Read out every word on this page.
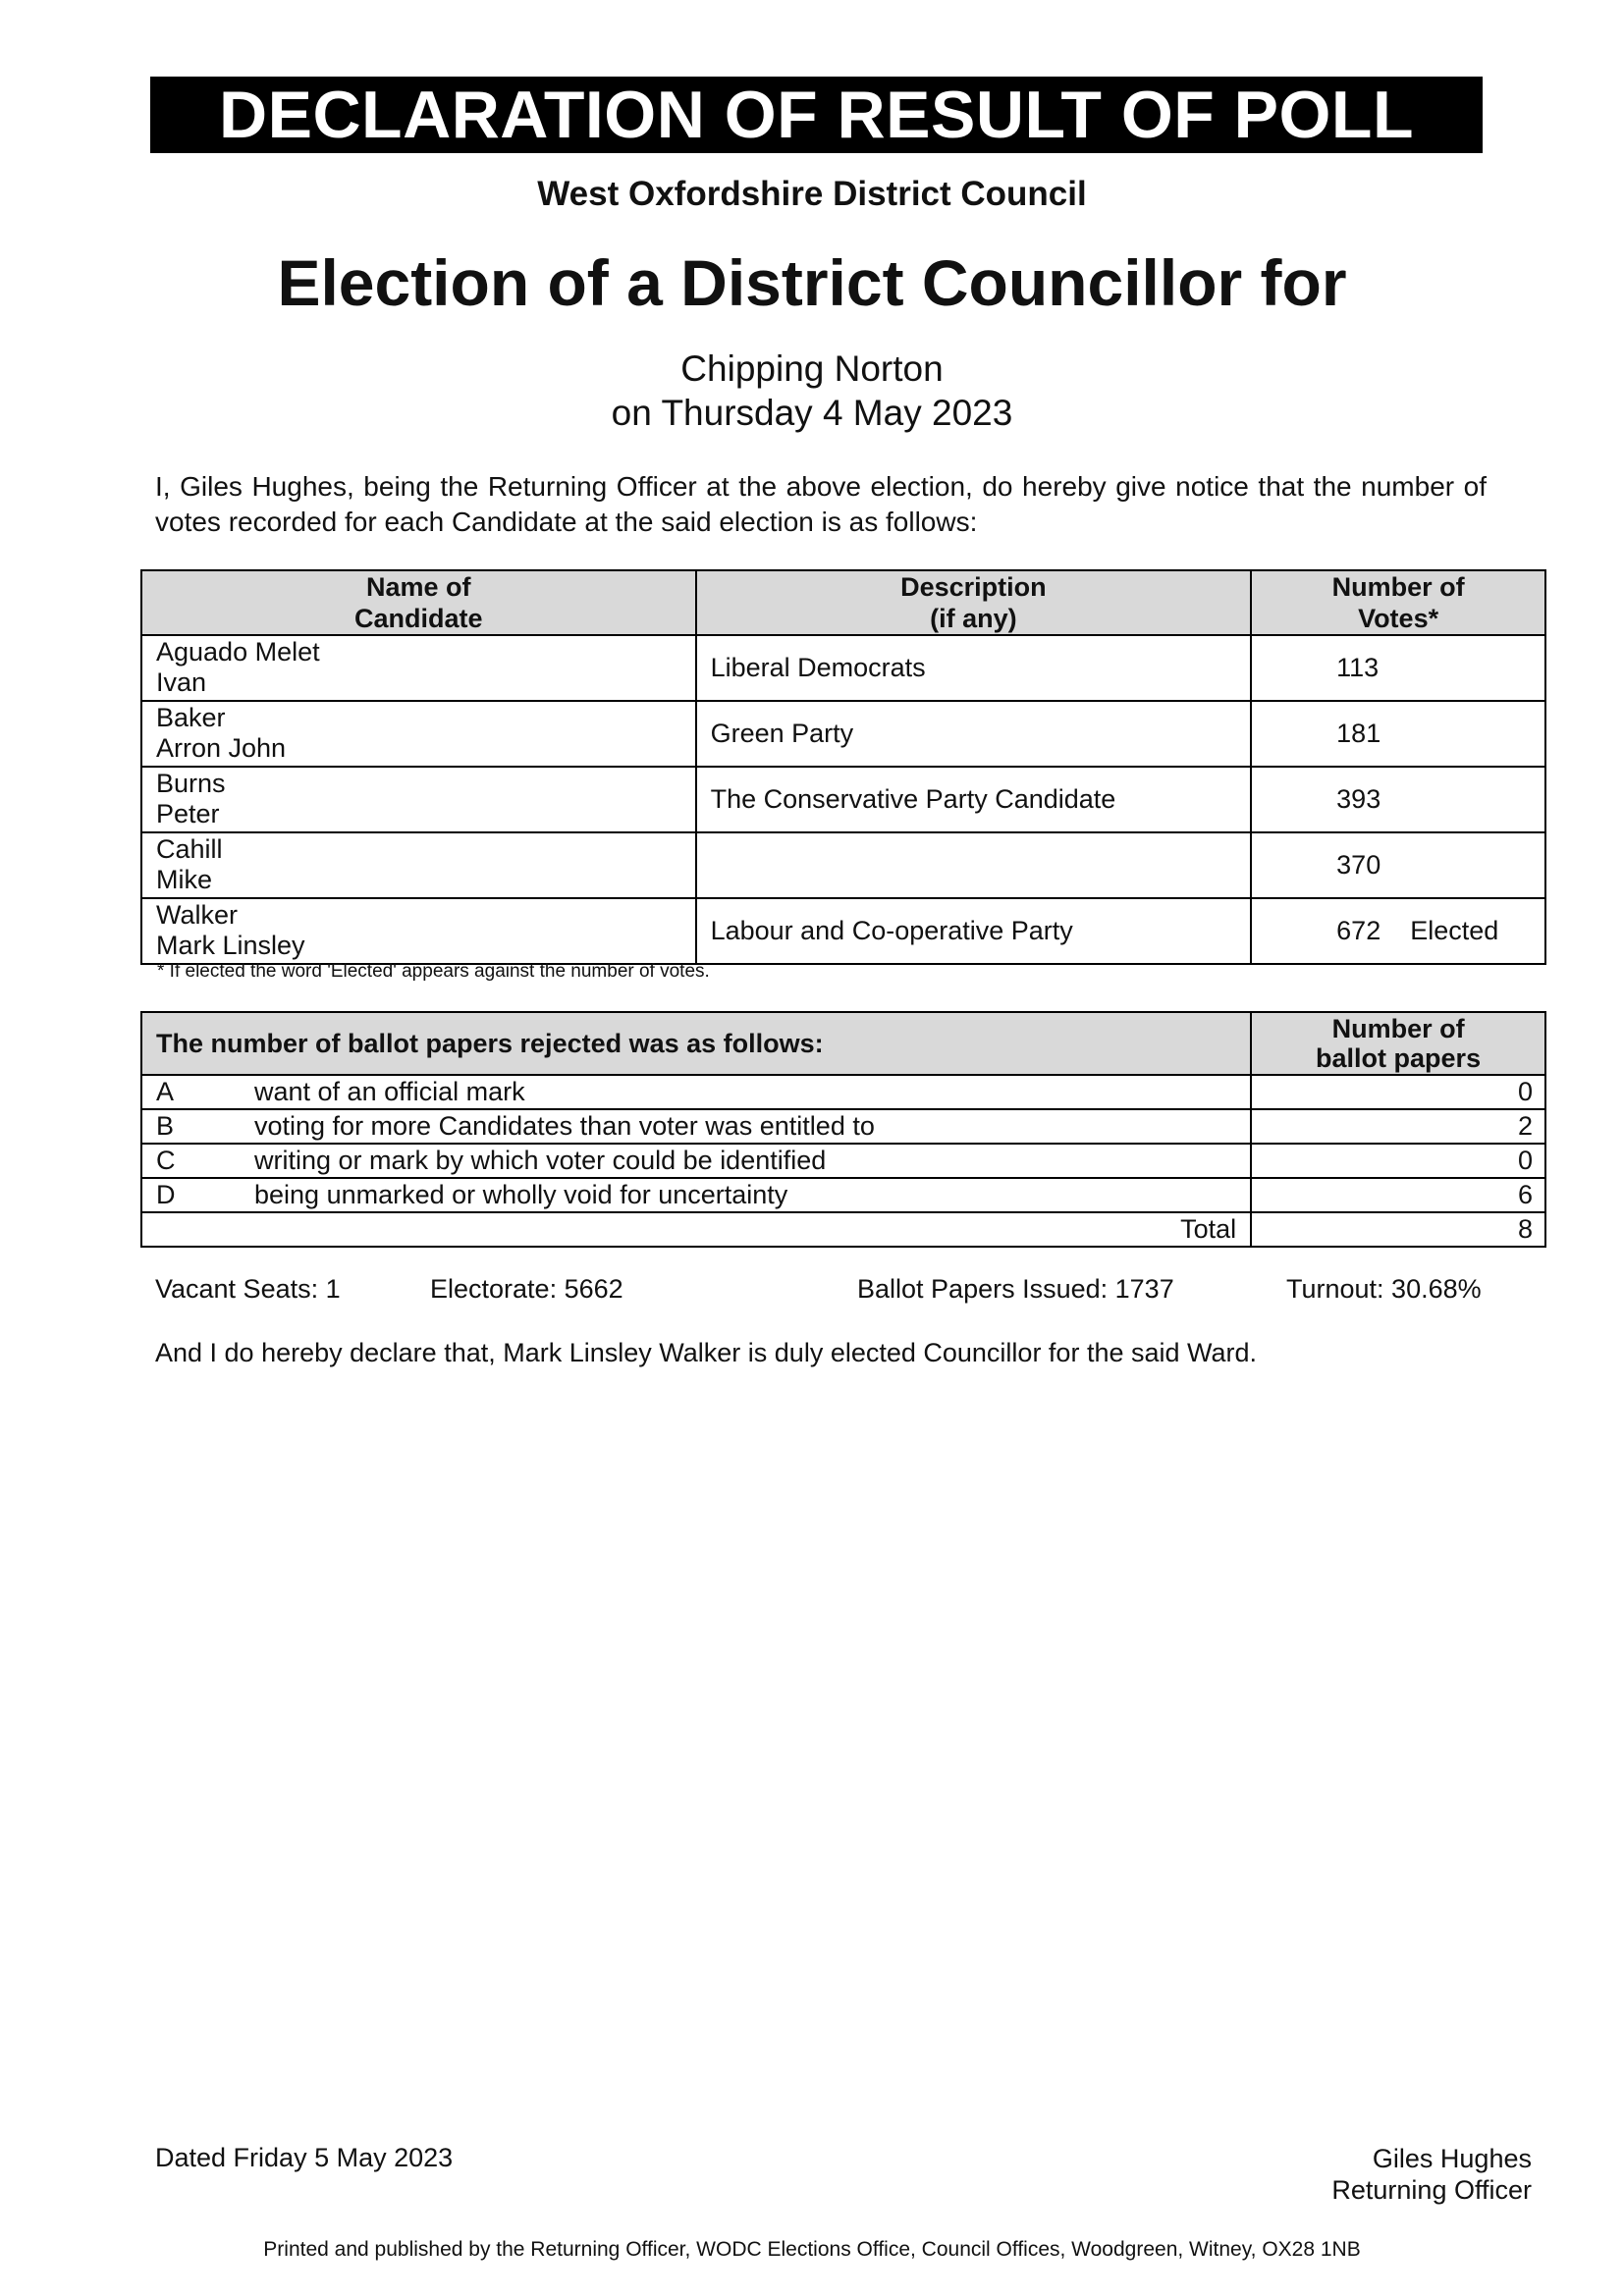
DECLARATION OF RESULT OF POLL
West Oxfordshire District Council
Election of a District Councillor for
Chipping Norton
on Thursday 4 May 2023
I, Giles Hughes, being the Returning Officer at the above election, do hereby give notice that the number of votes recorded for each Candidate at the said election is as follows:
Name of
Candidate	Description
(if any)	Number of
Votes*

Aguado Melet
Ivan	Liberal Democrats	113

Baker
Arron John	Green Party	181

Burns
Peter	The Conservative Party Candidate	393

Cahill
Mike		370

Walker
Mark Linsley	Labour and Co-operative Party	672 Elected
* If elected the word 'Elected' appears against the number of votes.
The number of ballot papers rejected was as follows:	Number of
ballot papers

A want of an official mark	0
B voting for more Candidates than voter was entitled to	2
C writing or mark by which voter could be identified	0
D being unmarked or wholly void for uncertainty	6
Total	8
Vacant Seats: 1	Electorate: 5662	Ballot Papers Issued: 1737	Turnout: 30.68%
And I do hereby declare that, Mark Linsley Walker is duly elected Councillor for the said Ward.
Dated Friday 5 May 2023	Giles Hughes
Returning Officer
Printed and published by the Returning Officer, WODC Elections Office, Council Offices, Woodgreen, Witney, OX28 1NB
